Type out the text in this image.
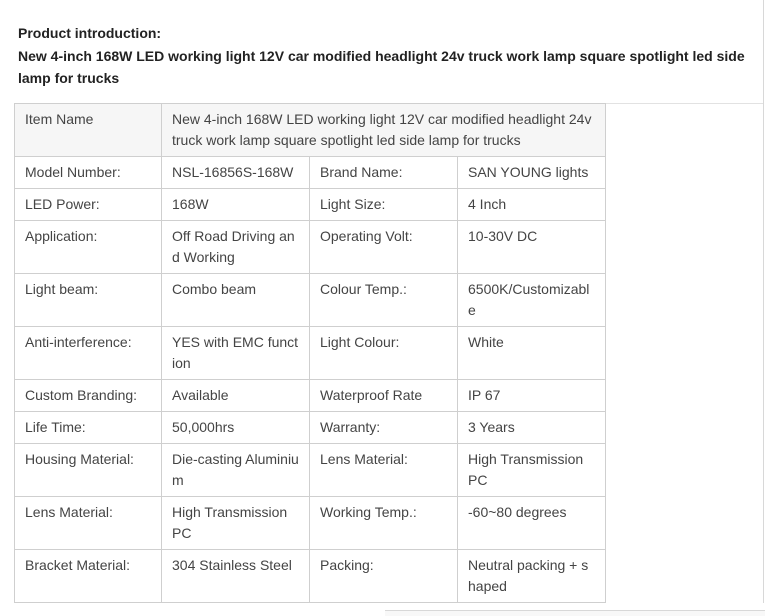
Product introduction:
New 4-inch 168W LED working light 12V car modified headlight 24v truck work lamp square spotlight led side lamp for trucks
Item Name	New 4-inch 168W LED working light 12V car modified headlight 24v truck work lamp square spotlight led side lamp for trucks		
Model Number:	NSL-16856S-168W	Brand Name:	SAN YOUNG lights
LED Power:	168W	Light Size:	4 Inch
Application:	Off Road Driving and Working	Operating Volt:	10-30V DC
Light beam:	Combo beam	Colour Temp.:	6500K/Customizable
Anti-interference:	YES with EMC function	Light Colour:	White
Custom Branding:	Available	Waterproof Rate	IP 67
Life Time:	50,000hrs	Warranty:	3 Years
Housing Material:	Die-casting Aluminium	Lens Material:	High Transmission PC
Lens Material:	High Transmission PC	Working Temp.:	-60~80 degrees
Bracket Material:	304 Stainless Steel	Packing:	Neutral packing + shaped
